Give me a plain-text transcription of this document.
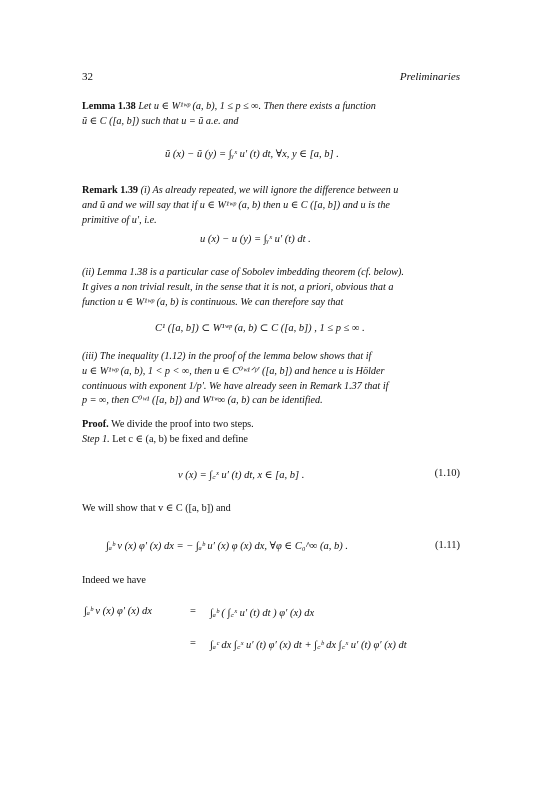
32	Preliminaries

Lemma 1.38 Let u ∈ W¹ʷᵖ (a, b), 1 ≤ p ≤ ∞. Then there exists a function

ũ ∈ C ([a, b]) such that u = ũ a.e. and

ũ (x) − ũ (y) = ∫ᵧˣ u′ (t) dt, ∀x, y ∈ [a, b] .

Remark 1.39 (i) As already repeated, we will ignore the difference between u

and ũ and we will say that if u ∈ W¹ʷᵖ (a, b) then u ∈ C ([a, b]) and u is the

primitive of u′, i.e.

u (x) − u (y) = ∫ᵧˣ u′ (t) dt .

(ii) Lemma 1.38 is a particular case of Sobolev imbedding theorem (cf. below).

It gives a non trivial result, in the sense that it is not, a priori, obvious that a

function u ∈ W¹ʷᵖ (a, b) is continuous. We can therefore say that

C¹ ([a, b]) ⊂ W¹ʷᵖ (a, b) ⊂ C ([a, b]) , 1 ≤ p ≤ ∞ .

(iii) The inequality (1.12) in the proof of the lemma below shows that if

u ∈ W¹ʷᵖ (a, b), 1 < p < ∞, then u ∈ C⁰ʷ¹ᐟᵖ′ ([a, b]) and hence u is Hölder

continuous with exponent 1/p′. We have already seen in Remark 1.37 that if

p = ∞, then C⁰ʷ¹ ([a, b]) and W¹ʷ∞ (a, b) can be identified.

Proof. We divide the proof into two steps.

Step 1. Let c ∈ (a, b) be fixed and define

v (x) = ∫꜀ˣ u′ (t) dt, x ∈ [a, b] .	(1.10)
We will show that v ∈ C ([a, b]) and
∫ₐᵇ v (x) φ′ (x) dx = − ∫ₐᵇ u′ (x) φ (x) dx, ∀φ ∈ C₀^∞ (a, b) .	(1.11)
Indeed we have
∫ₐᵇ v (x) φ′ (x) dx	= ∫ₐᵇ ( ∫꜀ˣ u′ (t) dt ) φ′ (x) dx
= ∫ₐᶜ dx ∫꜀ˣ u′ (t) φ′ (x) dt + ∫꜀ᵇ dx ∫꜀ˣ u′ (t) φ′ (x) dt
